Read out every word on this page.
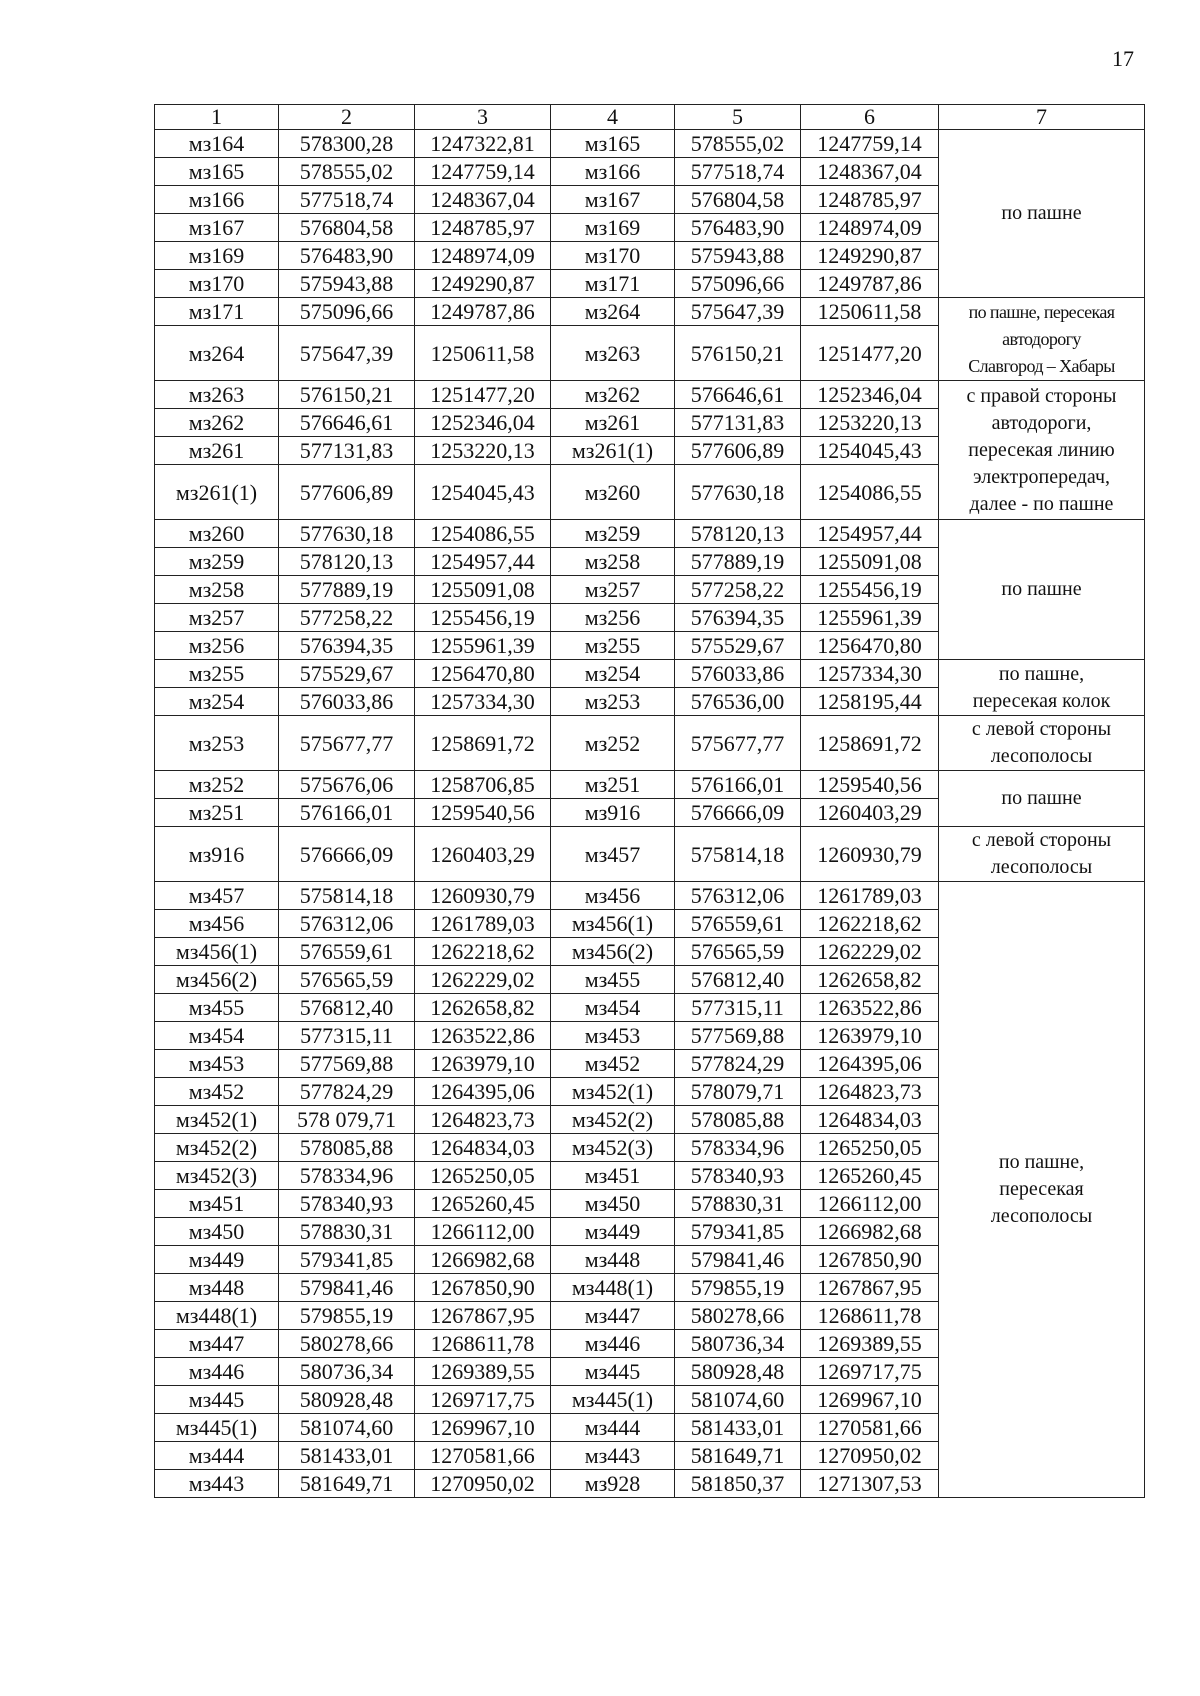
17
1	2	3	4	5	6	7
мз164	578300,28	1247322,81	мз165	578555,02	1247759,14	по пашне

мз165	578555,02	1247759,14	мз166	577518,74	1248367,04	
мз166	577518,74	1248367,04	мз167	576804,58	1248785,97	
мз167	576804,58	1248785,97	мз169	576483,90	1248974,09	
мз169	576483,90	1248974,09	мз170	575943,88	1249290,87	
мз170	575943,88	1249290,87	мз171	575096,66	1249787,86	
мз171	575096,66	1249787,86	мз264	575647,39	1250611,58	по пашне, пересекая
автодорогу
Славгород – Хабары

мз264	575647,39	1250611,58	мз263	576150,21	1251477,20	
мз263	576150,21	1251477,20	мз262	576646,61	1252346,04	с правой стороны
автодороги,
пересекая линию
электропередач,
далее - по пашне

мз262	576646,61	1252346,04	мз261	577131,83	1253220,13	
мз261	577131,83	1253220,13	мз261(1)	577606,89	1254045,43	
мз261(1)	577606,89	1254045,43	мз260	577630,18	1254086,55	
мз260	577630,18	1254086,55	мз259	578120,13	1254957,44	по пашне

мз259	578120,13	1254957,44	мз258	577889,19	1255091,08	
мз258	577889,19	1255091,08	мз257	577258,22	1255456,19	
мз257	577258,22	1255456,19	мз256	576394,35	1255961,39	
мз256	576394,35	1255961,39	мз255	575529,67	1256470,80	
мз255	575529,67	1256470,80	мз254	576033,86	1257334,30	по пашне,
пересекая колок

мз254	576033,86	1257334,30	мз253	576536,00	1258195,44	
мз253	575677,77	1258691,72	мз252	575677,77	1258691,72	с левой стороны
лесополосы

мз252	575676,06	1258706,85	мз251	576166,01	1259540,56	по пашне

мз251	576166,01	1259540,56	мз916	576666,09	1260403,29	
мз916	576666,09	1260403,29	мз457	575814,18	1260930,79	с левой стороны
лесополосы

мз457	575814,18	1260930,79	мз456	576312,06	1261789,03	по пашне,
пересекая
лесополосы

мз456	576312,06	1261789,03	мз456(1)	576559,61	1262218,62	
мз456(1)	576559,61	1262218,62	мз456(2)	576565,59	1262229,02	
мз456(2)	576565,59	1262229,02	мз455	576812,40	1262658,82	
мз455	576812,40	1262658,82	мз454	577315,11	1263522,86	
мз454	577315,11	1263522,86	мз453	577569,88	1263979,10	
мз453	577569,88	1263979,10	мз452	577824,29	1264395,06	
мз452	577824,29	1264395,06	мз452(1)	578079,71	1264823,73	
мз452(1)	578 079,71	1264823,73	мз452(2)	578085,88	1264834,03	
мз452(2)	578085,88	1264834,03	мз452(3)	578334,96	1265250,05	
мз452(3)	578334,96	1265250,05	мз451	578340,93	1265260,45	
мз451	578340,93	1265260,45	мз450	578830,31	1266112,00	
мз450	578830,31	1266112,00	мз449	579341,85	1266982,68	
мз449	579341,85	1266982,68	мз448	579841,46	1267850,90	
мз448	579841,46	1267850,90	мз448(1)	579855,19	1267867,95	
мз448(1)	579855,19	1267867,95	мз447	580278,66	1268611,78	
мз447	580278,66	1268611,78	мз446	580736,34	1269389,55	
мз446	580736,34	1269389,55	мз445	580928,48	1269717,75	
мз445	580928,48	1269717,75	мз445(1)	581074,60	1269967,10	
мз445(1)	581074,60	1269967,10	мз444	581433,01	1270581,66	
мз444	581433,01	1270581,66	мз443	581649,71	1270950,02	
мз443	581649,71	1270950,02	мз928	581850,37	1271307,53	
